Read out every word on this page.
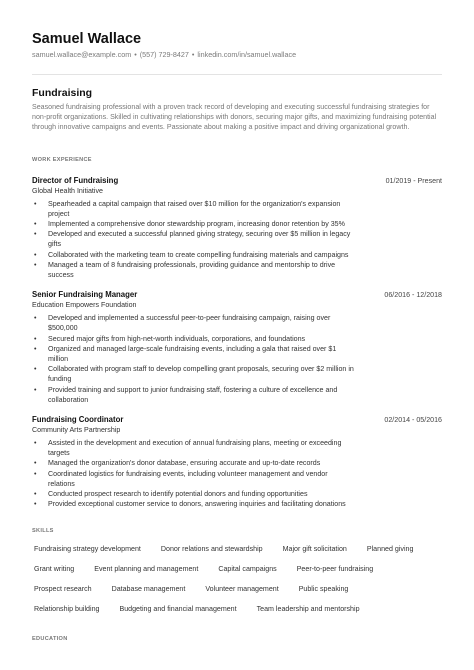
Samuel Wallace
samuel.wallace@example.com • (557) 729-8427 • linkedin.com/in/samuel.wallace
Fundraising
Seasoned fundraising professional with a proven track record of developing and executing successful fundraising strategies for non-profit organizations. Skilled in cultivating relationships with donors, securing major gifts, and maximizing fundraising potential through innovative campaigns and events. Passionate about making a positive impact and driving organizational growth.
WORK EXPERIENCE
Director of Fundraising	01/2019 - Present
Global Health Initiative
• Spearheaded a capital campaign that raised over $10 million for the organization's expansion project
• Implemented a comprehensive donor stewardship program, increasing donor retention by 35%
• Developed and executed a successful planned giving strategy, securing over $5 million in legacy gifts
• Collaborated with the marketing team to create compelling fundraising materials and campaigns
• Managed a team of 8 fundraising professionals, providing guidance and mentorship to drive success
Senior Fundraising Manager	06/2016 - 12/2018
Education Empowers Foundation
• Developed and implemented a successful peer-to-peer fundraising campaign, raising over $500,000
• Secured major gifts from high-net-worth individuals, corporations, and foundations
• Organized and managed large-scale fundraising events, including a gala that raised over $1 million
• Collaborated with program staff to develop compelling grant proposals, securing over $2 million in funding
• Provided training and support to junior fundraising staff, fostering a culture of excellence and collaboration
Fundraising Coordinator	02/2014 - 05/2016
Community Arts Partnership
• Assisted in the development and execution of annual fundraising plans, meeting or exceeding targets
• Managed the organization's donor database, ensuring accurate and up-to-date records
• Coordinated logistics for fundraising events, including volunteer management and vendor relations
• Conducted prospect research to identify potential donors and funding opportunities
• Provided exceptional customer service to donors, answering inquiries and facilitating donations
SKILLS
Fundraising strategy development	Donor relations and stewardship	Major gift solicitation	Planned giving
Grant writing	Event planning and management	Capital campaigns	Peer-to-peer fundraising
Prospect research	Database management	Volunteer management	Public speaking
Relationship building	Budgeting and financial management	Team leadership and mentorship
EDUCATION
